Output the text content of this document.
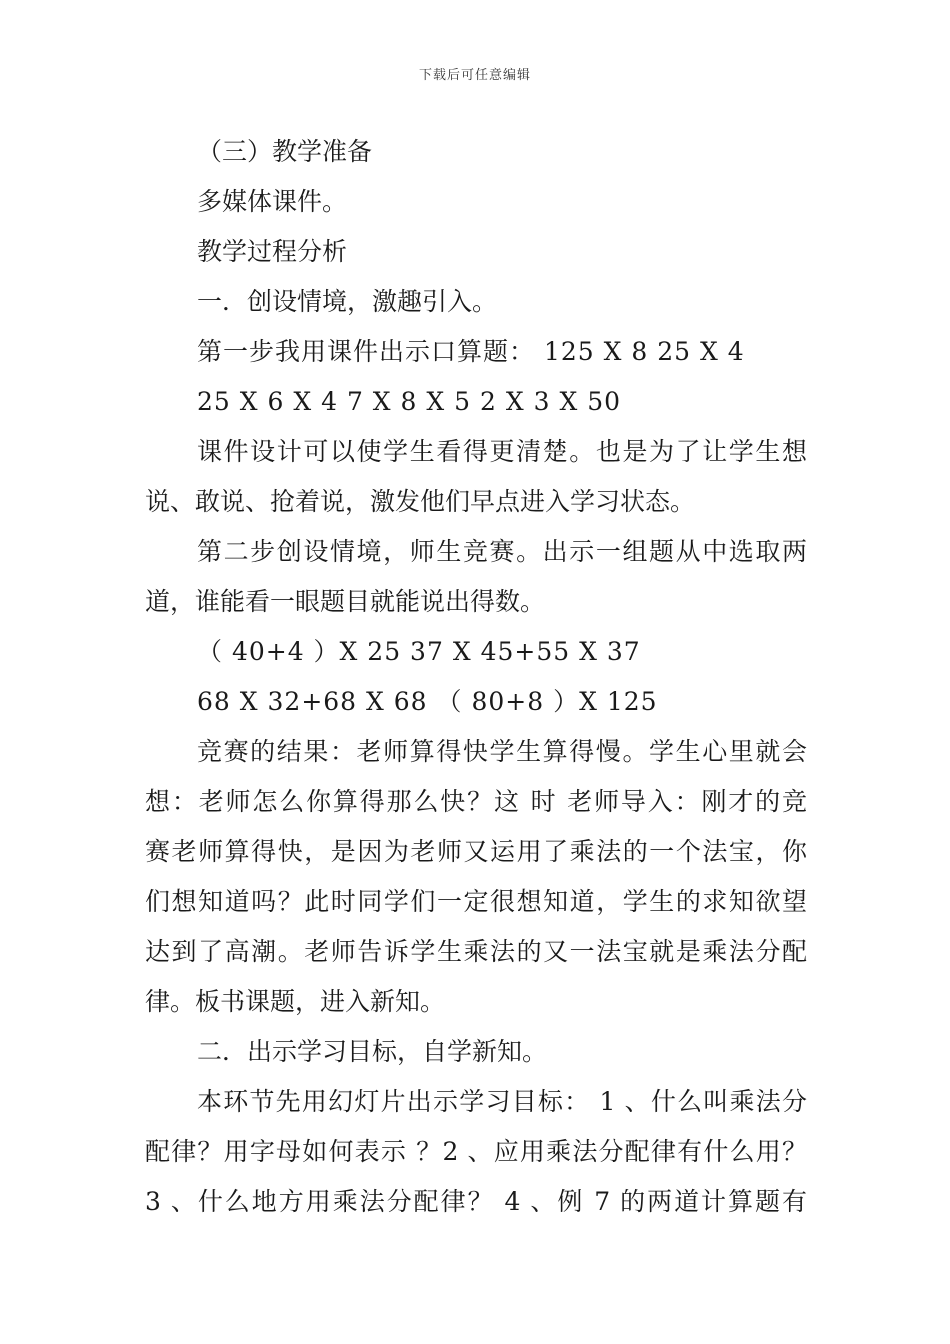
下载后可任意编辑
（三）教学准备
多媒体课件。
教学过程分析
一．创设情境，激趣引入。
第一步我用课件出示口算题： 125 X 8 25 X 4
25 X 6 X 4 7 X 8 X 5 2 X 3 X 50
课件设计可以使学生看得更清楚。也是为了让学生想
说、敢说、抢着说，激发他们早点进入学习状态。
第二步创设情境，师生竞赛。出示一组题从中选取两
道，谁能看一眼题目就能说出得数。
（ 40+4 ）X 25 37 X 45+55 X 37
68 X 32+68 X 68 （ 80+8 ）X 125
竞赛的结果：老师算得快学生算得慢。学生心里就会
想：老师怎么你算得那么快？这 时 老师导入：刚才的竞
赛老师算得快，是因为老师又运用了乘法的一个法宝，你
们想知道吗？此时同学们一定很想知道，学生的求知欲望
达到了高潮。老师告诉学生乘法的又一法宝就是乘法分配
律。板书课题，进入新知。
二．出示学习目标，自学新知。
本环节先用幻灯片出示学习目标： 1 、什么叫乘法分
配律？用字母如何表示 ？2 、应用乘法分配律有什么用？
3 、什么地方用乘法分配律？ 4 、例 7 的两道计算题有
